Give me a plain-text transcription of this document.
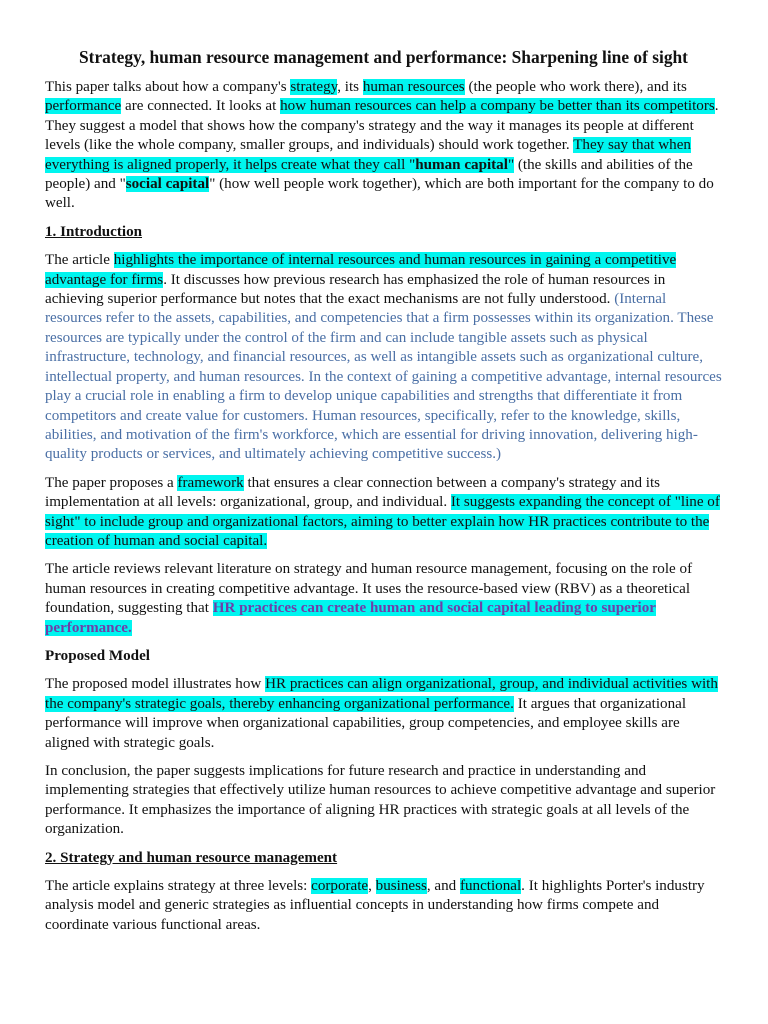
Strategy, human resource management and performance: Sharpening line of sight

This paper talks about how a company's strategy, its human resources (the people who work there), and its performance are connected. It looks at how human resources can help a company be better than its competitors. They suggest a model that shows how the company's strategy and the way it manages its people at different levels (like the whole company, smaller groups, and individuals) should work together. They say that when everything is aligned properly, it helps create what they call "human capital" (the skills and abilities of the people) and "social capital" (how well people work together), which are both important for the company to do well.

1. Introduction

The article highlights the importance of internal resources and human resources in gaining a competitive advantage for firms. It discusses how previous research has emphasized the role of human resources in achieving superior performance but notes that the exact mechanisms are not fully understood. (Internal resources refer to the assets, capabilities, and competencies that a firm possesses within its organization. These resources are typically under the control of the firm and can include tangible assets such as physical infrastructure, technology, and financial resources, as well as intangible assets such as organizational culture, intellectual property, and human resources. In the context of gaining a competitive advantage, internal resources play a crucial role in enabling a firm to develop unique capabilities and strengths that differentiate it from competitors and create value for customers. Human resources, specifically, refer to the knowledge, skills, abilities, and motivation of the firm's workforce, which are essential for driving innovation, delivering high-quality products or services, and ultimately achieving competitive success.)

The paper proposes a framework that ensures a clear connection between a company's strategy and its implementation at all levels: organizational, group, and individual. It suggests expanding the concept of "line of sight" to include group and organizational factors, aiming to better explain how HR practices contribute to the creation of human and social capital.

The article reviews relevant literature on strategy and human resource management, focusing on the role of human resources in creating competitive advantage. It uses the resource-based view (RBV) as a theoretical foundation, suggesting that HR practices can create human and social capital leading to superior performance.

Proposed Model

The proposed model illustrates how HR practices can align organizational, group, and individual activities with the company's strategic goals, thereby enhancing organizational performance. It argues that organizational performance will improve when organizational capabilities, group competencies, and employee skills are aligned with strategic goals.

In conclusion, the paper suggests implications for future research and practice in understanding and implementing strategies that effectively utilize human resources to achieve competitive advantage and superior performance. It emphasizes the importance of aligning HR practices with strategic goals at all levels of the organization.

2. Strategy and human resource management

The article explains strategy at three levels: corporate, business, and functional. It highlights Porter's industry analysis model and generic strategies as influential concepts in understanding how firms compete and coordinate various functional areas.
